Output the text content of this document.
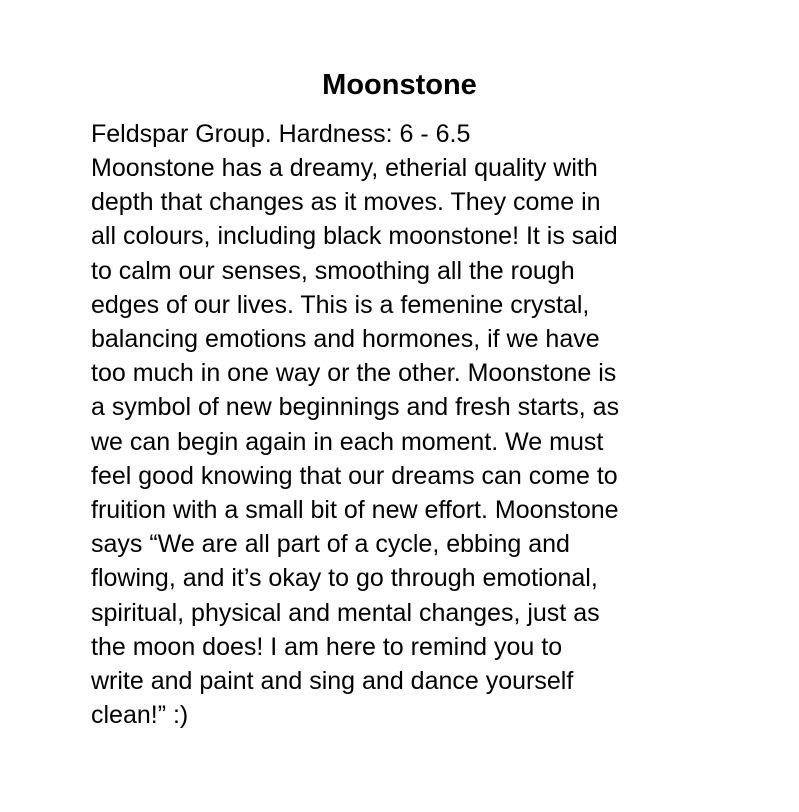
Moonstone

Feldspar Group. Hardness: 6 - 6.5

Moonstone has a dreamy, etherial quality with
depth that changes as it moves. They come in
all colours, including black moonstone! It is said
to calm our senses, smoothing all the rough
edges of our lives. This is a femenine crystal,
balancing emotions and hormones, if we have
too much in one way or the other. Moonstone is
a symbol of new beginnings and fresh starts, as
we can begin again in each moment. We must
feel good knowing that our dreams can come to
fruition with a small bit of new effort. Moonstone
says “We are all part of a cycle, ebbing and
flowing, and it’s okay to go through emotional,
spiritual, physical and mental changes, just as
the moon does! I am here to remind you to
write and paint and sing and dance yourself
clean!” :)
